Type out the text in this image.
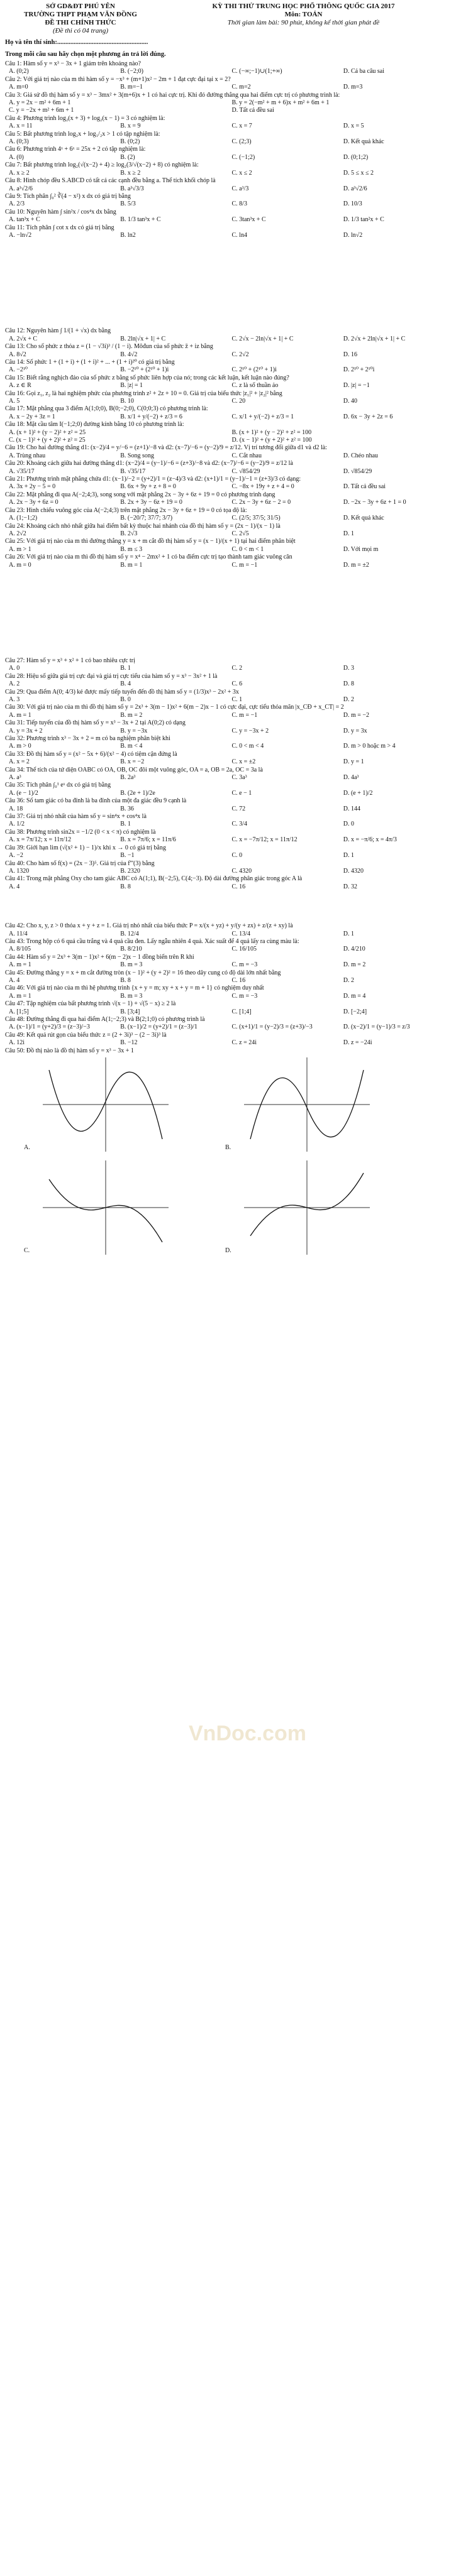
SỞ GD&ĐT PHÚ YÊN
TRƯỜNG THPT PHẠM VĂN ĐỒNG
ĐỀ THI CHÍNH THỨC
(Đề thi có 04 trang)
KỲ THI THỬ TRUNG HỌC PHỔ THÔNG QUỐC GIA 2017
Môn: TOÁN
Thời gian làm bài: 90 phút, không kể thời gian phát đề
Họ và tên thí sinh:.......................................................
Trong mỗi câu sau hãy chọn một phương án trả lời đúng.
Câu 1: Hàm số y = x³ − 3x + 1 giảm trên khoảng nào?
A. (0;2)	B. (−2;0)	C. (−∞;−1)∪(1;+∞)	D. Cả ba câu sai
Câu 2: Với giá trị nào của m thì hàm số y = −x³ + (m+1)x² − 2m + 1 đạt cực đại tại x = 2?
A. m=0	B. m=−1	C. m=2	D. m=3
Câu 3: Giả sử đồ thị hàm số y = x³ − 3mx² + 3(m+6)x + 1 có hai cực trị. Khi đó đường thẳng qua hai điểm cực trị có phương trình là:
A. y = 2x − m² + 6m + 1	B. y = 2(−m² + m + 6)x + m² + 6m + 1
C. y = −2x + m² + 6m + 1	D. Tất cả đều sai
Câu 4: Phương trình log₂(x + 3) + log₂(x − 1) = 3 có nghiệm là:
A. x = 11	B. x = 9	C. x = 7	D. x = 5
Câu 5: Bất phương trình log₂x + log₁/₂x > 1 có tập nghiệm là:
A. (0;3)	B. (0;2)	C. (2;3)	D. Kết quả khác
Câu 6: Phương trình 4ˣ + 6ˣ = 25x + 2 có tập nghiệm là:
A. (0)	B. (2)	C. (−1;2)	D. (0;1;2)
Câu 7: Bất phương trình log₂(√(x−2) + 4) ≥ log₂(3/√(x−2) + 8) có nghiệm là:
A. x ≥ 2	B. x ≥ 2	C. x ≤ 2	D. 5 ≤ x ≤ 2
Câu 8: Hình chóp đều S.ABCD có tất cả các cạnh đều bằng a. Thể tích khối chóp là
A. a³√2/6	B. a³√3/3	C. a³/3	D. a³√2/6
Câu 9: Tích phân ∫₀² ∛(4 − x²) x dx có giá trị bằng
A. 2/3	B. 5/3	C. 8/3	D. 10/3
Câu 10: Nguyên hàm ∫ sin²x / cos⁴x dx bằng
A. tan³x + C	B. 1/3 tan³x + C	C. 3tan³x + C	D. 1/3 tan²x + C
Câu 11: Tích phân ∫ cot x dx có giá trị bằng
A. −ln√2	B. ln2	C. ln4	D. ln√2
Câu 12: Nguyên hàm ∫ 1/(1 + √x) dx bằng
A. 2√x + C	B. 2ln|√x + 1| + C	C. 2√x − 2ln|√x + 1| + C	D. 2√x + 2ln|√x + 1| + C
Câu 13: Cho số phức z thỏa z = (1 − √3i)³ / (1 − i). Môđun của số phức z̄ + iz bằng
A. 8√2	B. 4√2	C. 2√2	D. 16
Câu 14: Số phức 1 + (1 + i) + (1 + i)² + ... + (1 + i)²⁰ có giá trị bằng
A. −2¹⁰	B. −2¹⁰ + (2¹⁰ + 1)i	C. 2¹⁰ + (2¹⁰ + 1)i	D. 2¹⁰ + 2¹⁰i
Câu 15: Biết rằng nghịch đảo của số phức z bằng số phức liên hợp của nó; trong các kết luận, kết luận nào đúng?
A. z ∈ R	B. |z| = 1	C. z là số thuần ảo	D. |z| = −1
Câu 16: Gọi z₁, z₂ là hai nghiệm phức của phương trình z² + 2z + 10 = 0. Giá trị của biểu thức |z₁|² + |z₂|² bằng
A. 5	B. 10	C. 20	D. 40
Câu 17: Mặt phẳng qua 3 điểm A(1;0;0), B(0;−2;0), C(0;0;3) có phương trình là:
A. x − 2y + 3z = 1	B. x/1 + y/(−2) + z/3 = 6	C. x/1 + y/(−2) + z/3 = 1	D. 6x − 3y + 2z = 6
Câu 18: Mặt cầu tâm I(−1;2;0) đường kính bằng 10 có phương trình là:
A. (x + 1)² + (y − 2)² + z² = 25	B. (x + 1)² + (y − 2)² + z² = 100
C. (x − 1)² + (y + 2)² + z² = 25	D. (x − 1)² + (y + 2)² + z² = 100
Câu 19: Cho hai đường thẳng d1: (x−2)/4 = y/−6 = (z+1)/−8 và d2: (x−7)/−6 = (y−2)/9 = z/12. Vị trí tương đối giữa d1 và d2 là:
A. Trùng nhau	B. Song song	C. Cắt nhau	D. Chéo nhau
Câu 20: Khoảng cách giữa hai đường thẳng d1: (x−2)/4 = (y−1)/−6 = (z+3)/−8 và d2: (x−7)/−6 = (y−2)/9 = z/12 là
A. √35/17	B. √35/17	C. √854/29	D. √854/29
Câu 21: Phương trình mặt phẳng chứa d1: (x−1)/−2 = (y+2)/1 = (z−4)/3 và d2: (x+1)/1 = (y−1)/−1 = (z+3)/3 có dạng:
A. 3x + 2y − 5 = 0	B. 6x + 9y + z + 8 = 0	C. −8x + 19y + z + 4 = 0	D. Tất cả đều sai
Câu 22: Mặt phẳng đi qua A(−2;4;3), song song với mặt phẳng 2x − 3y + 6z + 19 = 0 có phương trình dạng
A. 2x − 3y + 6z = 0	B. 2x + 3y − 6z + 19 = 0	C. 2x − 3y + 6z − 2 = 0	D. −2x − 3y + 6z + 1 = 0
Câu 23: Hình chiếu vuông góc của A(−2;4;3) trên mặt phẳng 2x − 3y + 6z + 19 = 0 có tọa độ là:
A. (1;−1;2)	B. (−20/7; 37/7; 3/7)	C. (2/5; 37/5; 31/5)	D. Kết quả khác
Câu 24: Khoảng cách nhỏ nhất giữa hai điểm bất kỳ thuộc hai nhánh của đồ thị hàm số y = (2x − 1)/(x − 1) là
A. 2√2	B. 2√3	C. 2√5	D. 1
Câu 25: Với giá trị nào của m thì đường thẳng y = x + m cắt đồ thị hàm số y = (x − 1)/(x + 1) tại hai điểm phân biệt
A. m > 1	B. m ≤ 3	C. 0 < m < 1	D. Với mọi m
Câu 26: Với giá trị nào của m thì đồ thị hàm số y = x⁴ − 2mx² + 1 có ba điểm cực trị tạo thành tam giác vuông cân
A. m = 0	B. m = 1	C. m = −1	D. m = ±2
Câu 27: Hàm số y = x³ + x² + 1 có bao nhiêu cực trị
A. 0	B. 1	C. 2	D. 3
Câu 28: Hiệu số giữa giá trị cực đại và giá trị cực tiểu của hàm số y = x³ − 3x² + 1 là
A. 2	B. 4	C. 6	D. 8
Câu 29: Qua điểm A(0; 4/3) kẻ được mấy tiếp tuyến đến đồ thị hàm số y = (1/3)x³ − 2x² + 3x
A. 3	B. 0	C. 1	D. 2
Câu 30: Với giá trị nào của m thì đồ thị hàm số y = 2x³ + 3(m − 1)x² + 6(m − 2)x − 1 có cực đại, cực tiểu thỏa mãn |x_CĐ + x_CT| = 2
A. m = 1	B. m = 2	C. m = −1	D. m = −2
Câu 31: Tiếp tuyến của đồ thị hàm số y = x³ − 3x + 2 tại A(0;2) có dạng
A. y = 3x + 2	B. y = −3x	C. y = −3x + 2	D. y = 3x
Câu 32: Phương trình x³ − 3x + 2 = m có ba nghiệm phân biệt khi
A. m > 0	B. m < 4	C. 0 < m < 4	D. m > 0 hoặc m > 4
Câu 33: Đồ thị hàm số y = (x² − 5x + 6)/(x² − 4) có tiệm cận đứng là
A. x = 2	B. x = −2	C. x = ±2	D. y = 1
Câu 34: Thể tích của tứ diện OABC có OA, OB, OC đôi một vuông góc, OA = a, OB = 2a, OC = 3a là
A. a³	B. 2a³	C. 3a³	D. 4a³
Câu 35: Tích phân ∫₀¹ eˣ dx có giá trị bằng
A. (e − 1)/2	B. (2e + 1)/2e	C. e − 1	D. (e + 1)/2
Câu 36: Số tam giác có ba đỉnh là ba đỉnh của một đa giác đều 9 cạnh là
A. 18	B. 36	C. 72	D. 144
Câu 37: Giá trị nhỏ nhất của hàm số y = sin⁴x + cos⁴x là
A. 1/2	B. 1	C. 3/4	D. 0
Câu 38: Phương trình sin2x = −1/2 (0 < x < π) có nghiệm là
A. x = 7π/12; x = 11π/12	B. x = 7π/6; x = 11π/6	C. x = −7π/12; x = 11π/12	D. x = −π/6; x = 4π/3
Câu 39: Giới hạn lim (√(x² + 1) − 1)/x khi x → 0 có giá trị bằng
A. −2	B. −1	C. 0	D. 1
Câu 40: Cho hàm số f(x) = (2x − 3)⁵. Giá trị của f'''(3) bằng
A. 1320	B. 2320	C. 4320	D. 4320
Câu 41: Trong mặt phẳng Oxy cho tam giác ABC có A(1;1), B(−2;5), C(4;−3). Độ dài đường phân giác trong góc A là
A. 4	B. 8	C. 16	D. 32
Câu 42: Cho x, y, z > 0 thỏa x + y + z = 1. Giá trị nhỏ nhất của biểu thức P = x/(x + yz) + y/(y + zx) + z/(z + xy) là
A. 11/4	B. 12/4	C. 13/4	D. 1
Câu 43: Trong hộp có 6 quả cầu trắng và 4 quả cầu đen. Lấy ngẫu nhiên 4 quả. Xác suất để 4 quả lấy ra cùng màu là:
A. 8/105	B. 8/210	C. 16/105	D. 4/210
Câu 44: Hàm số y = 2x³ + 3(m − 1)x² + 6(m − 2)x − 1 đồng biến trên R khi
A. m = 1	B. m = 3	C. m = −3	D. m = 2
Câu 45: Đường thẳng y = x + m cắt đường tròn (x − 1)² + (y + 2)² = 16 theo dây cung có độ dài lớn nhất bằng
A. 4	B. 8	C. 16	D. 2
Câu 46: Với giá trị nào của m thì hệ phương trình {x + y = m; xy + x + y = m + 1} có nghiệm duy nhất
A. m = 1	B. m = 3	C. m = −3	D. m = 4
Câu 47: Tập nghiệm của bất phương trình √(x − 1) + √(5 − x) ≥ 2 là
A. [1;5]	B. [3;4]	C. [1;4]	D. [−2;4]
Câu 48: Đường thẳng đi qua hai điểm A(1;−2;3) và B(2;1;0) có phương trình là
A. (x−1)/1 = (y+2)/3 = (z−3)/−3	B. (x−1)/2 = (y+2)/1 = (z−3)/1	C. (x+1)/1 = (y−2)/3 = (z+3)/−3	D. (x−2)/1 = (y−1)/3 = z/3
Câu 49: Kết quả rút gọn của biểu thức z = (2 + 3i)³ − (2 − 3i)³ là
A. 12i	B. −12	C. z = 24i	D. z = −24i
Câu 50: Đồ thị nào là đồ thị hàm số y = x³ − 3x + 1
A.	B.
C.	D.
VnDoc.com
